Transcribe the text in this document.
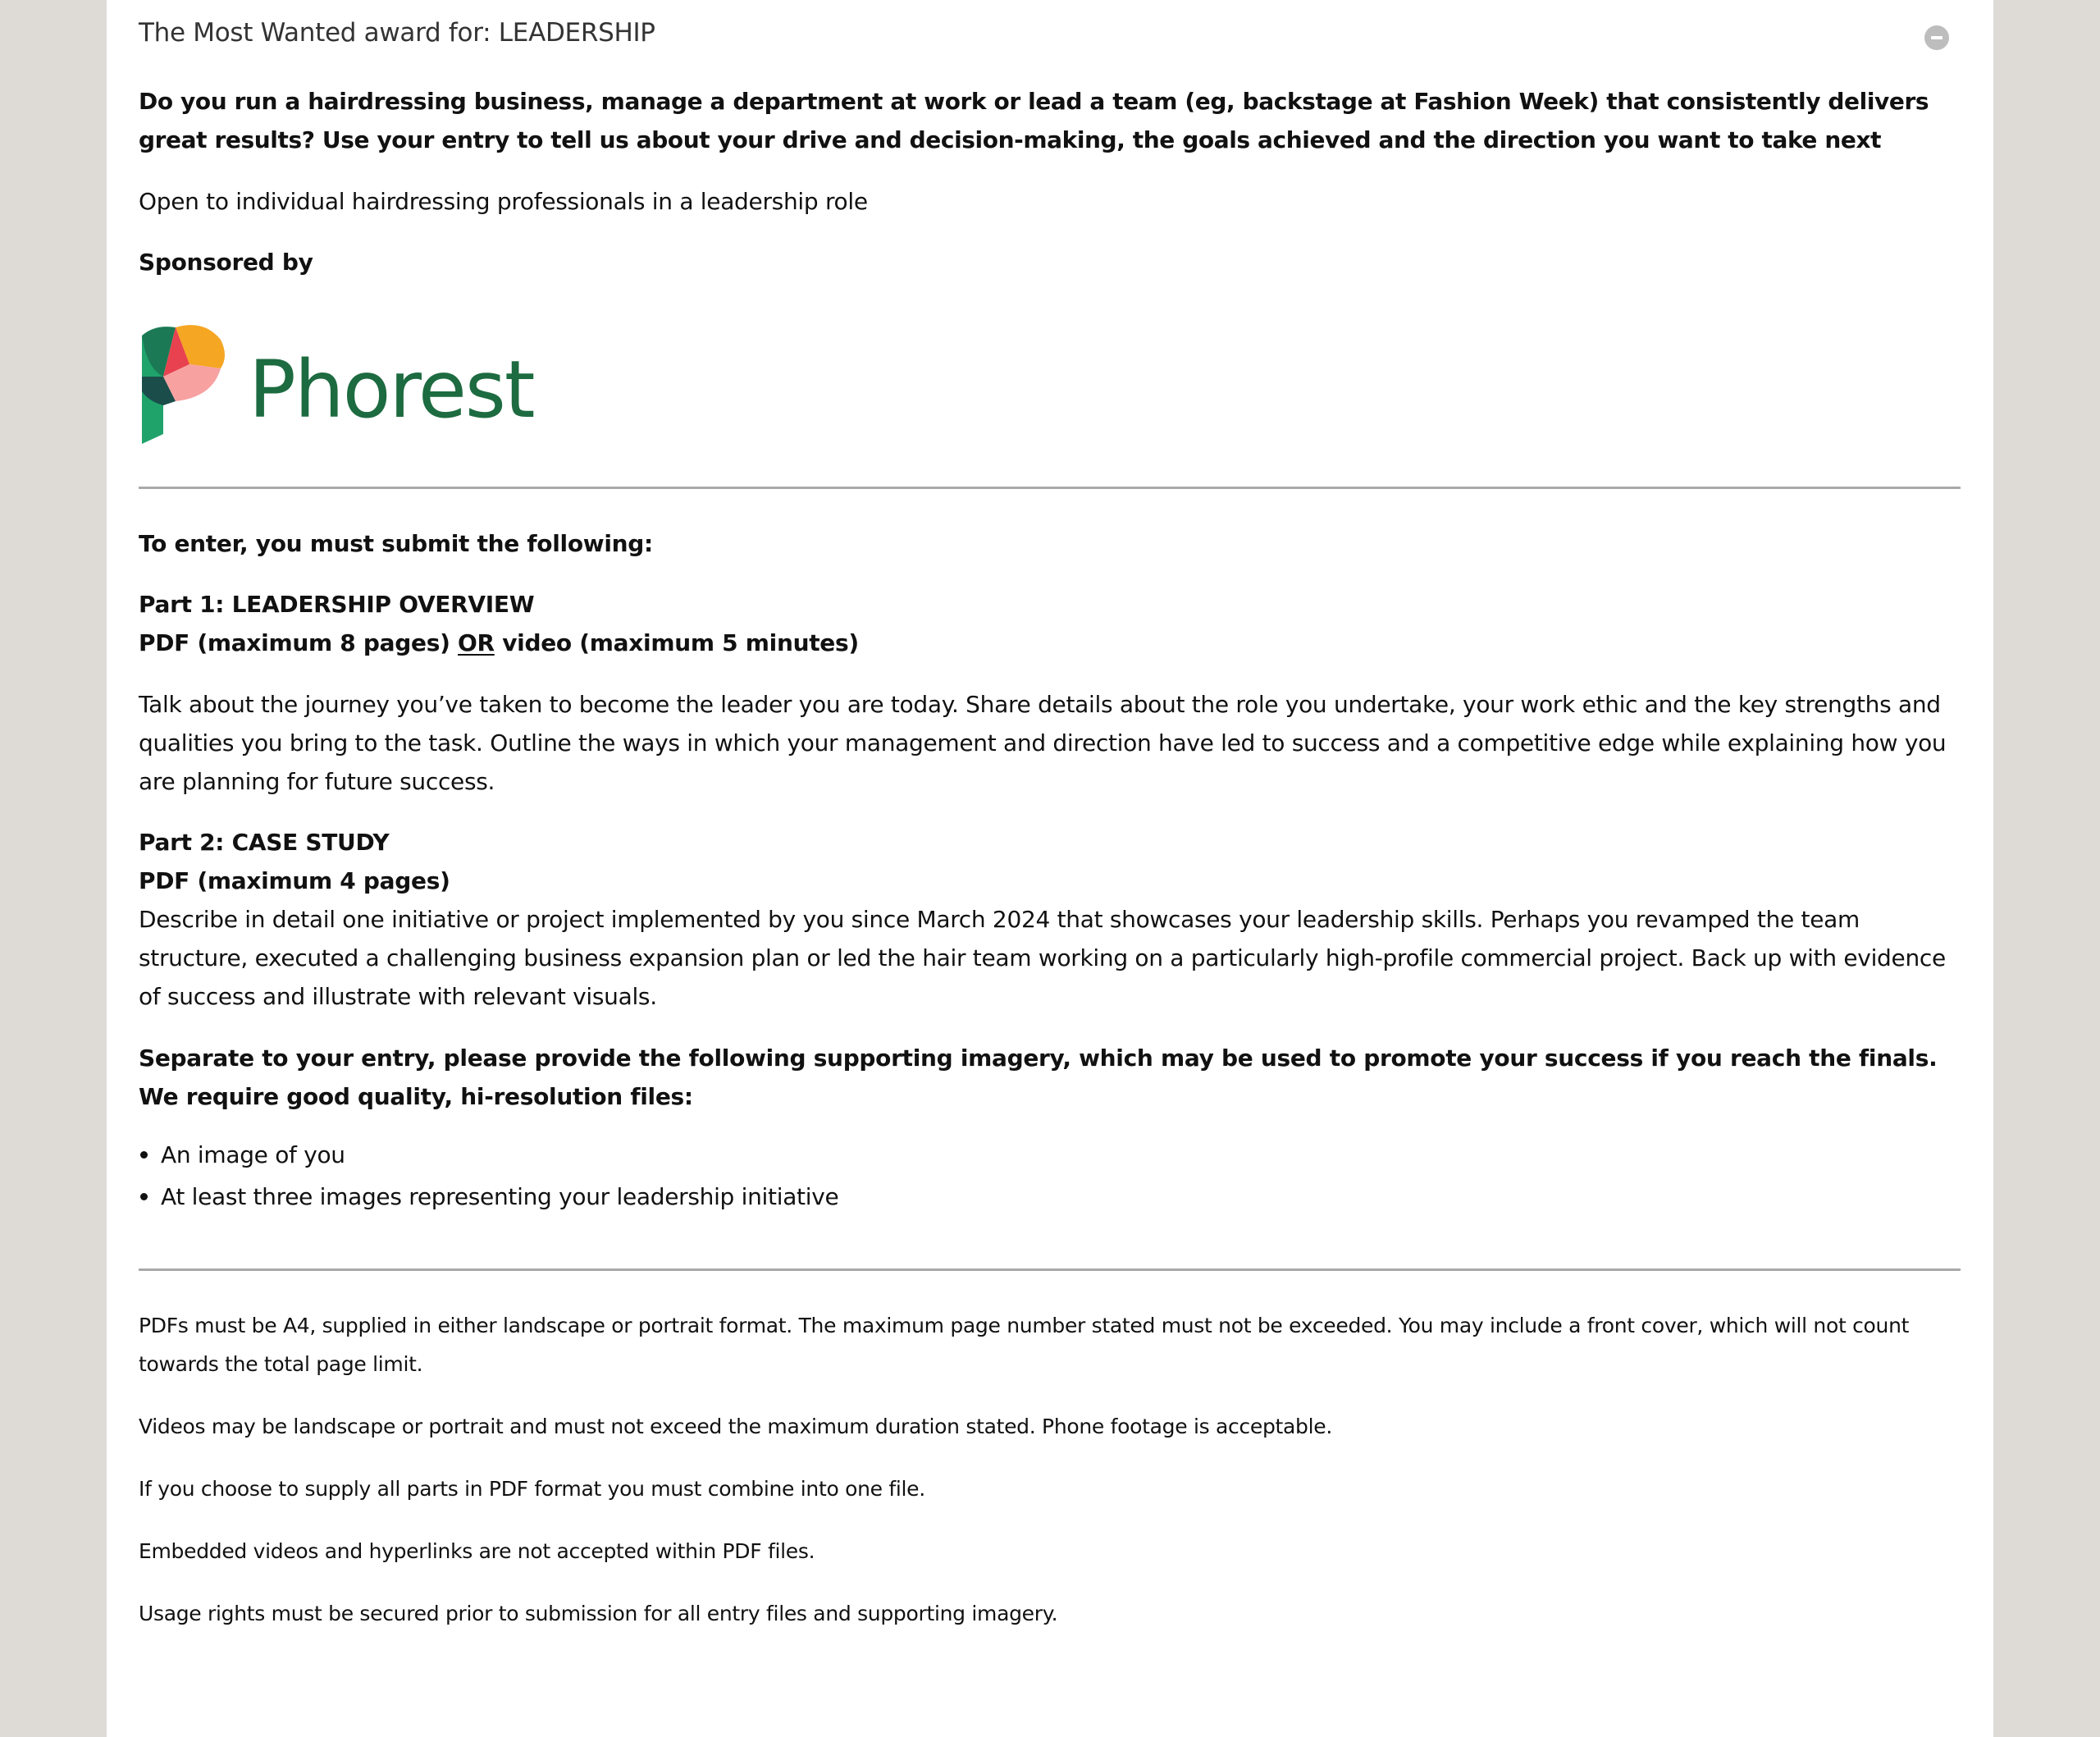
The Most Wanted award for: LEADERSHIP

Do you run a hairdressing business, manage a department at work or lead a team (eg, backstage at Fashion Week) that consistently delivers great results? Use your entry to tell us about your drive and decision-making, the goals achieved and the direction you want to take next

Open to individual hairdressing professionals in a leadership role

Sponsored by

Phorest

To enter, you must submit the following:

Part 1: LEADERSHIP OVERVIEW

PDF (maximum 8 pages) OR video (maximum 5 minutes)

Talk about the journey you’ve taken to become the leader you are today. Share details about the role you undertake, your work ethic and the key strengths and qualities you bring to the task. Outline the ways in which your management and direction have led to success and a competitive edge while explaining how you are planning for future success.

Part 2: CASE STUDY

PDF (maximum 4 pages)

Describe in detail one initiative or project implemented by you since March 2024 that showcases your leadership skills. Perhaps you revamped the team structure, executed a challenging business expansion plan or led the hair team working on a particularly high-profile commercial project. Back up with evidence of success and illustrate with relevant visuals.

Separate to your entry, please provide the following supporting imagery, which may be used to promote your success if you reach the finals. We require good quality, hi-resolution files:

An image of you
At least three images representing your leadership initiative

PDFs must be A4, supplied in either landscape or portrait format. The maximum page number stated must not be exceeded. You may include a front cover, which will not count towards the total page limit.

Videos may be landscape or portrait and must not exceed the maximum duration stated. Phone footage is acceptable.

If you choose to supply all parts in PDF format you must combine into one file.

Embedded videos and hyperlinks are not accepted within PDF files.

Usage rights must be secured prior to submission for all entry files and supporting imagery.
